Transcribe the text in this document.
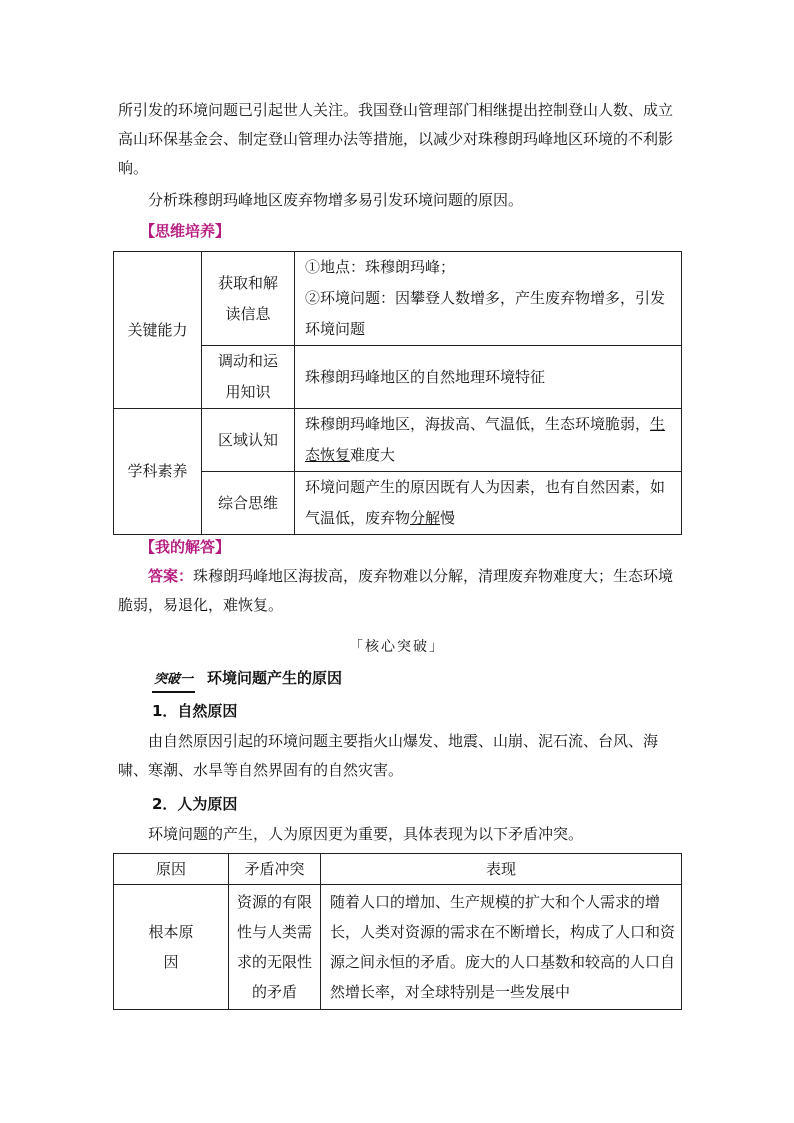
所引发的环境问题已引起世人关注。我国登山管理部门相继提出控制登山人数、成立高山环保基金会、制定登山管理办法等措施，以减少对珠穆朗玛峰地区环境的不利影响。

分析珠穆朗玛峰地区废弃物增多易引发环境问题的原因。

【思维培养】
关键能力	获取和解读信息	①地点：珠穆朗玛峰；
②环境问题：因攀登人数增多，产生废弃物增多，引发环境问题

	调动和运用知识	珠穆朗玛峰地区的自然地理环境特征
学科素养	区域认知	珠穆朗玛峰地区，海拔高、气温低，生态环境脆弱，生态恢复难度大
	综合思维	环境问题产生的原因既有人为因素，也有自然因素，如气温低，废弃物分解慢
【我的解答】

答案：珠穆朗玛峰地区海拔高，废弃物难以分解，清理废弃物难度大；生态环境脆弱，易退化，难恢复。

「核心突破」
突破一 环境问题产生的原因
1．自然原因

由自然原因引起的环境问题主要指火山爆发、地震、山崩、泥石流、台风、海啸、寒潮、水旱等自然界固有的自然灾害。

2．人为原因

环境问题的产生，人为原因更为重要，具体表现为以下矛盾冲突。

原因	矛盾冲突	表现
根本原因	资源的有限性与人类需求的无限性的矛盾	随着人口的增加、生产规模的扩大和个人需求的增长，人类对资源的需求在不断增长，构成了人口和资源之间永恒的矛盾。庞大的人口基数和较高的人口自然增长率，对全球特别是一些发展中
